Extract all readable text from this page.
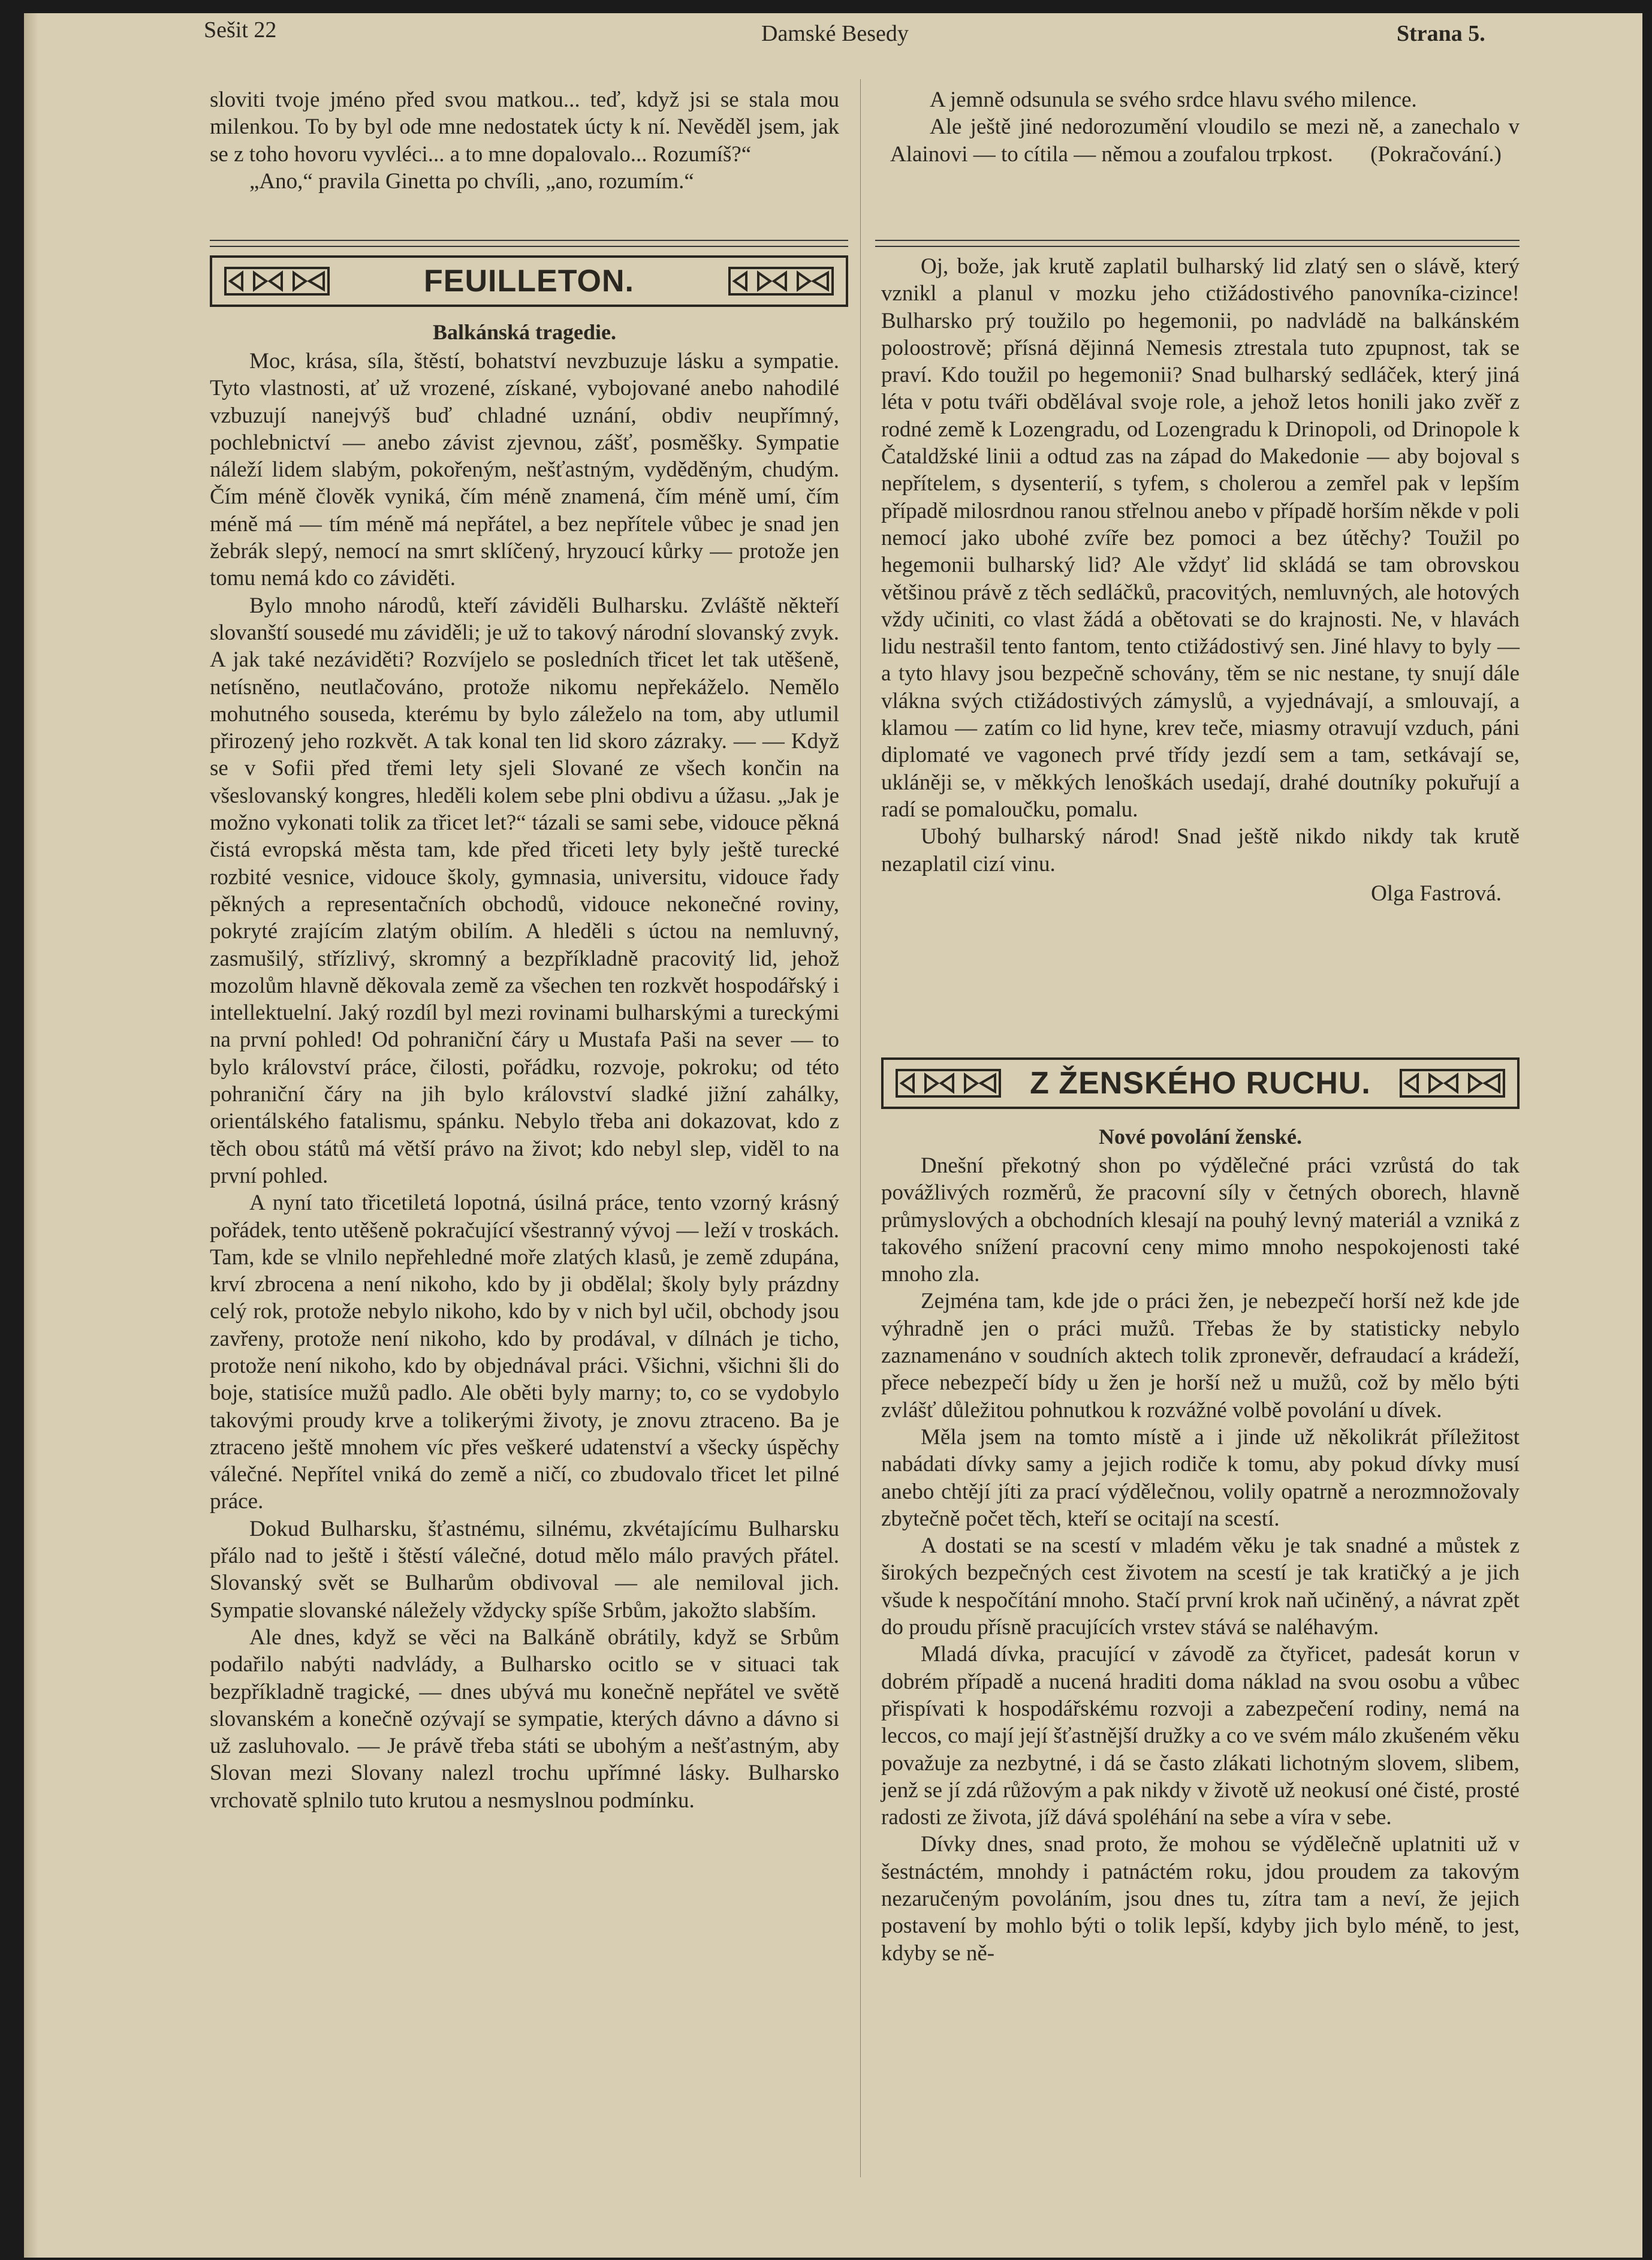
Sešit 22	Damské Besedy	Strana 5.

sloviti tvoje jméno před svou matkou... teď, když jsi se stala mou milenkou. To by byl ode mne nedostatek úcty k ní. Nevěděl jsem, jak se z toho hovoru vyvléci... a to mne dopalovalo... Rozumíš?“

„Ano,“ pravila Ginetta po chvíli, „ano, rozumím.“

A jemně odsunula se svého srdce hlavu svého milence.

Ale ještě jiné nedorozumění vloudilo se mezi ně, a zanechalo v Alainovi — to cítila — němou a zoufalou trpkost.	(Pokračování.)

FEUILLETON.
Balkánská tragedie.

Moc, krása, síla, štěstí, bohatství nevzbuzuje lásku a sympatie. Tyto vlastnosti, ať už vrozené, získané, vybojované anebo nahodilé vzbuzují nanejvýš buď chladné uznání, obdiv neupřímný, pochlebnictví — anebo závist zjevnou, zášť, posměšky. Sympatie náleží lidem slabým, pokořeným, nešťastným, vyděděným, chudým. Čím méně člověk vyniká, čím méně znamená, čím méně umí, čím méně má — tím méně má nepřátel, a bez nepřítele vůbec je snad jen žebrák slepý, nemocí na smrt sklíčený, hryzoucí kůrky — protože jen tomu nemá kdo co záviděti.

Bylo mnoho národů, kteří záviděli Bulharsku. Zvláště někteří slovanští sousedé mu záviděli; je už to takový národní slovanský zvyk. A jak také nezáviděti? Rozvíjelo se posledních třicet let tak utěšeně, netísněno, neutlačováno, protože nikomu nepřekáželo. Nemělo mohutného souseda, kterému by bylo záleželo na tom, aby utlumil přirozený jeho rozkvět. A tak konal ten lid skoro zázraky. — — Když se v Sofii před třemi lety sjeli Slované ze všech končin na všeslovanský kongres, hleděli kolem sebe plni obdivu a úžasu. „Jak je možno vykonati tolik za třicet let?“ tázali se sami sebe, vidouce pěkná čistá evropská města tam, kde před třiceti lety byly ještě turecké rozbité vesnice, vidouce školy, gymnasia, universitu, vidouce řady pěkných a representačních obchodů, vidouce nekonečné roviny, pokryté zrajícím zlatým obilím. A hleděli s úctou na nemluvný, zasmušilý, střízlivý, skromný a bezpříkladně pracovitý lid, jehož mozolům hlavně děkovala země za všechen ten rozkvět hospodářský i intellektuelní. Jaký rozdíl byl mezi rovinami bulharskými a tureckými na první pohled! Od pohraniční čáry u Mustafa Paši na sever — to bylo království práce, čilosti, pořádku, rozvoje, pokroku; od této pohraniční čáry na jih bylo království sladké jižní zahálky, orientálského fatalismu, spánku. Nebylo třeba ani dokazovat, kdo z těch obou států má větší právo na život; kdo nebyl slep, viděl to na první pohled.

A nyní tato třicetiletá lopotná, úsilná práce, tento vzorný krásný pořádek, tento utěšeně pokračující všestranný vývoj — leží v troskách. Tam, kde se vlnilo nepřehledné moře zlatých klasů, je země zdupána, krví zbrocena a není nikoho, kdo by ji obdělal; školy byly prázdny celý rok, protože nebylo nikoho, kdo by v nich byl učil, obchody jsou zavřeny, protože není nikoho, kdo by prodával, v dílnách je ticho, protože není nikoho, kdo by objednával práci. Všichni, všichni šli do boje, statisíce mužů padlo. Ale oběti byly marny; to, co se vydobylo takovými proudy krve a tolikerými životy, je znovu ztraceno. Ba je ztraceno ještě mnohem víc přes veškeré udatenství a všecky úspěchy válečné. Nepřítel vniká do země a ničí, co zbudovalo třicet let pilné práce.

Dokud Bulharsku, šťastnému, silnému, zkvétajícímu Bulharsku přálo nad to ještě i štěstí válečné, dotud mělo málo pravých přátel. Slovanský svět se Bulharům obdivoval — ale nemiloval jich. Sympatie slovanské náležely vždycky spíše Srbům, jakožto slabším.

Ale dnes, když se věci na Balkáně obrátily, když se Srbům podařilo nabýti nadvlády, a Bulharsko ocitlo se v situaci tak bezpříkladně tragické, — dnes ubývá mu konečně nepřátel ve světě slovanském a konečně ozývají se sympatie, kterých dávno a dávno si už zasluhovalo. — Je právě třeba státi se ubohým a nešťastným, aby Slovan mezi Slovany nalezl trochu upřímné lásky. Bulharsko vrchovatě splnilo tuto krutou a nesmyslnou podmínku.

Oj, bože, jak krutě zaplatil bulharský lid zlatý sen o slávě, který vznikl a planul v mozku jeho ctižádostivého panovníka-cizince! Bulharsko prý toužilo po hegemonii, po nadvládě na balkánském poloostrově; přísná dějinná Nemesis ztrestala tuto zpupnost, tak se praví. Kdo toužil po hegemonii? Snad bulharský sedláček, který jiná léta v potu tváři obdělával svoje role, a jehož letos honili jako zvěř z rodné země k Lozengradu, od Lozengradu k Drinopoli, od Drinopole k Čataldžské linii a odtud zas na západ do Makedonie — aby bojoval s nepřítelem, s dysenterií, s tyfem, s cholerou a zemřel pak v lepším případě milosrdnou ranou střelnou anebo v případě horším někde v poli nemocí jako ubohé zvíře bez pomoci a bez útěchy? Toužil po hegemonii bulharský lid? Ale vždyť lid skládá se tam obrovskou většinou právě z těch sedláčků, pracovitých, nemluvných, ale hotových vždy učiniti, co vlast žádá a obětovati se do krajnosti. Ne, v hlavách lidu nestrašil tento fantom, tento ctižádostivý sen. Jiné hlavy to byly — a tyto hlavy jsou bezpečně schovány, těm se nic nestane, ty snují dále vlákna svých ctižádostivých zámyslů, a vyjednávají, a smlouvají, a klamou — zatím co lid hyne, krev teče, miasmy otravují vzduch, páni diplomaté ve vagonech prvé třídy jezdí sem a tam, setkávají se, ukláněji se, v měkkých lenoškách usedají, drahé doutníky pokuřují a radí se pomaloučku, pomalu.

Ubohý bulharský národ! Snad ještě nikdo nikdy tak krutě nezaplatil cizí vinu.

Olga Fastrová.

Z ŽENSKÉHO RUCHU.
Nové povolání ženské.

Dnešní překotný shon po výdělečné práci vzrůstá do tak povážlivých rozměrů, že pracovní síly v četných oborech, hlavně průmyslových a obchodních klesají na pouhý levný materiál a vzniká z takového snížení pracovní ceny mimo mnoho nespokojenosti také mnoho zla.

Zejména tam, kde jde o práci žen, je nebezpečí horší než kde jde výhradně jen o práci mužů. Třebas že by statisticky nebylo zaznamenáno v soudních aktech tolik zpronevěr, defraudací a krádeží, přece nebezpečí bídy u žen je horší než u mužů, což by mělo býti zvlášť důležitou pohnutkou k rozvážné volbě povolání u dívek.

Měla jsem na tomto místě a i jinde už několikrát příležitost nabádati dívky samy a jejich rodiče k tomu, aby pokud dívky musí anebo chtějí jíti za prací výdělečnou, volily opatrně a nerozmnožovaly zbytečně počet těch, kteří se ocitají na scestí.

A dostati se na scestí v mladém věku je tak snadné a můstek z širokých bezpečných cest životem na scestí je tak kratičký a je jich všude k nespočítání mnoho. Stačí první krok naň učiněný, a návrat zpět do proudu přísně pracujících vrstev stává se naléhavým.

Mladá dívka, pracující v závodě za čtyřicet, padesát korun v dobrém případě a nucená hraditi doma náklad na svou osobu a vůbec přispívati k hospodářskému rozvoji a zabezpečení rodiny, nemá na leccos, co mají její šťastnější družky a co ve svém málo zkušeném věku považuje za nezbytné, i dá se často zlákati lichotným slovem, slibem, jenž se jí zdá růžovým a pak nikdy v životě už neokusí oné čisté, prosté radosti ze života, jíž dává spoléhání na sebe a víra v sebe.

Dívky dnes, snad proto, že mohou se výdělečně uplatniti už v šestnáctém, mnohdy i patnáctém roku, jdou proudem za takovým nezaručeným povoláním, jsou dnes tu, zítra tam a neví, že jejich postavení by mohlo býti o tolik lepší, kdyby jich bylo méně, to jest, kdyby se ně-
